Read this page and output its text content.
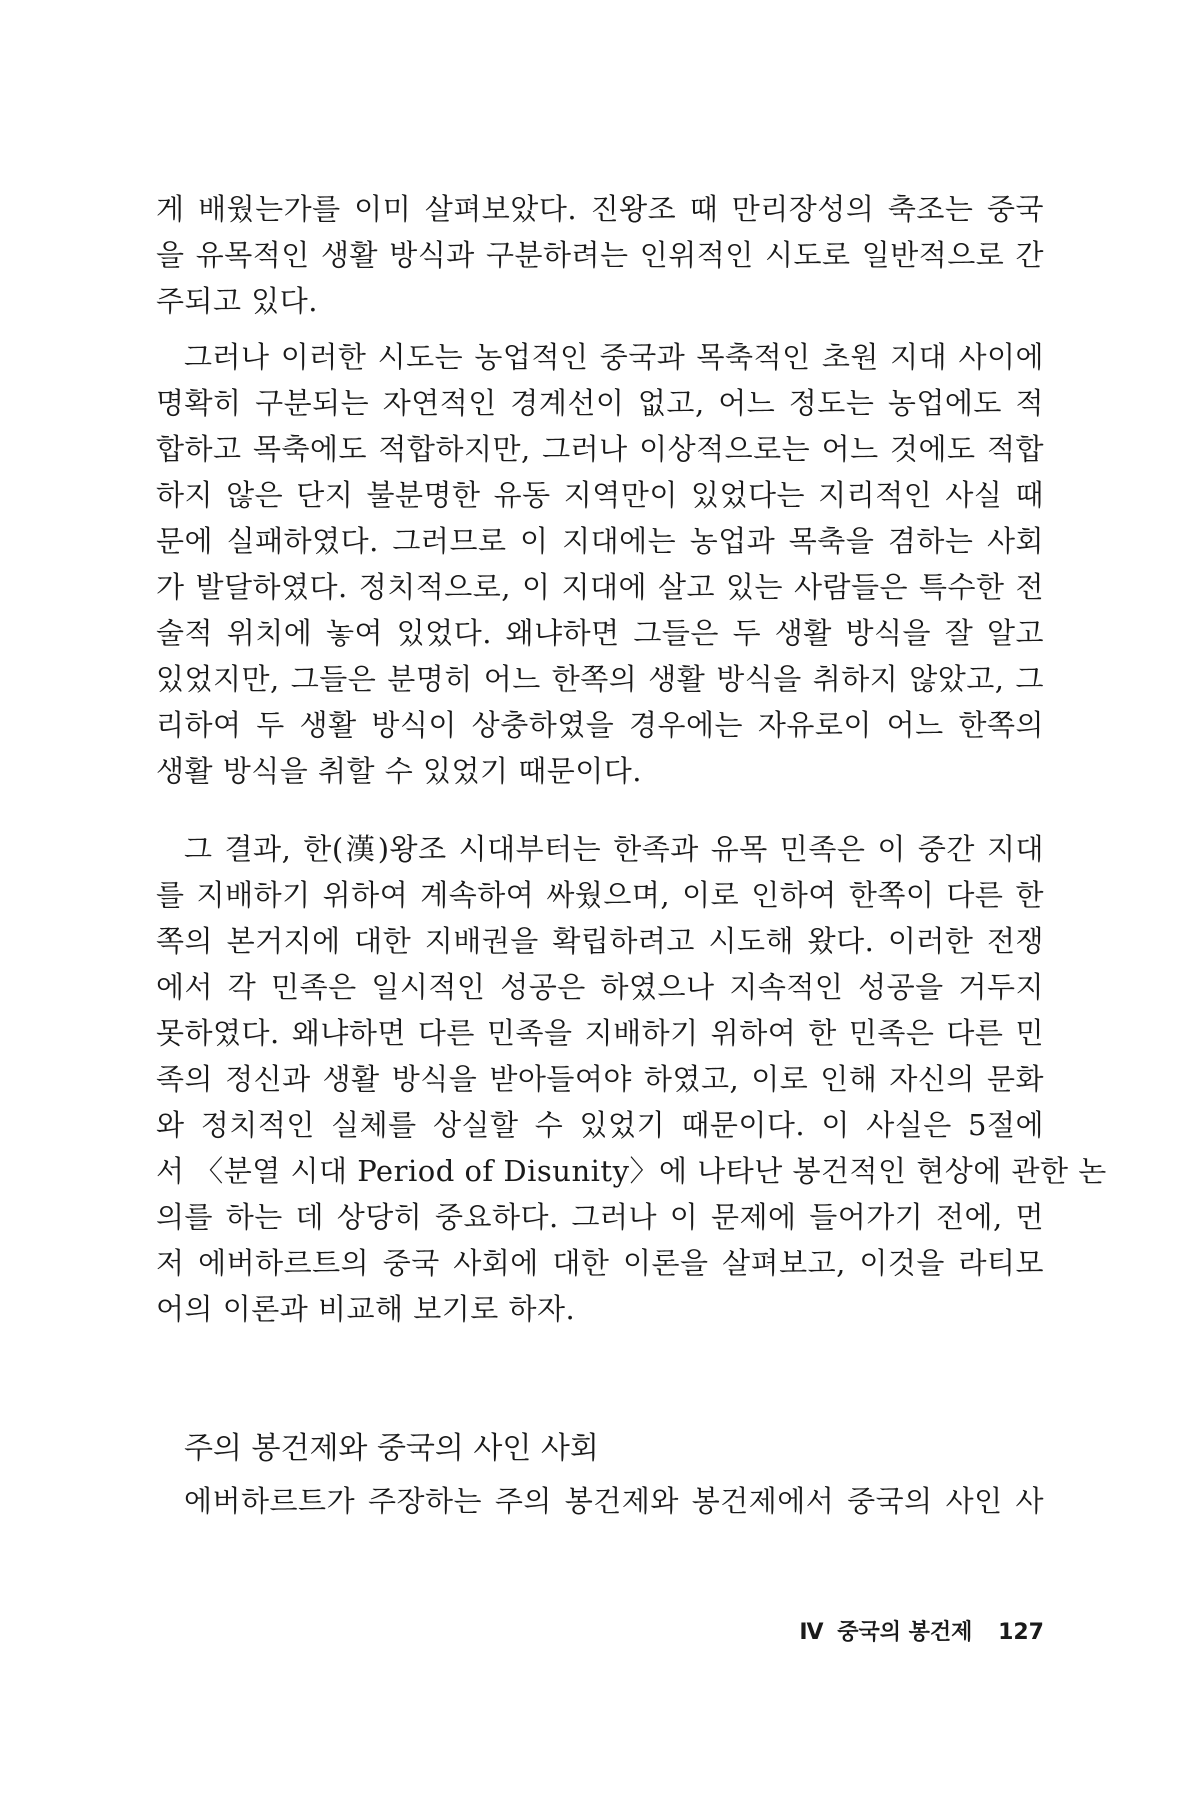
게 배웠는가를 이미 살펴보았다. 진왕조 때 만리장성의 축조는 중국
을 유목적인 생활 방식과 구분하려는 인위적인 시도로 일반적으로 간
주되고 있다.
그러나 이러한 시도는 농업적인 중국과 목축적인 초원 지대 사이에
명확히 구분되는 자연적인 경계선이 없고, 어느 정도는 농업에도 적
합하고 목축에도 적합하지만, 그러나 이상적으로는 어느 것에도 적합
하지 않은 단지 불분명한 유동 지역만이 있었다는 지리적인 사실 때
문에 실패하였다. 그러므로 이 지대에는 농업과 목축을 겸하는 사회
가 발달하였다. 정치적으로, 이 지대에 살고 있는 사람들은 특수한 전
술적 위치에 놓여 있었다. 왜냐하면 그들은 두 생활 방식을 잘 알고
있었지만, 그들은 분명히 어느 한쪽의 생활 방식을 취하지 않았고, 그
리하여 두 생활 방식이 상충하였을 경우에는 자유로이 어느 한쪽의
생활 방식을 취할 수 있었기 때문이다.
그 결과, 한(漢)왕조 시대부터는 한족과 유목 민족은 이 중간 지대
를 지배하기 위하여 계속하여 싸웠으며, 이로 인하여 한쪽이 다른 한
쪽의 본거지에 대한 지배권을 확립하려고 시도해 왔다. 이러한 전쟁
에서 각 민족은 일시적인 성공은 하였으나 지속적인 성공을 거두지
못하였다. 왜냐하면 다른 민족을 지배하기 위하여 한 민족은 다른 민
족의 정신과 생활 방식을 받아들여야 하였고, 이로 인해 자신의 문화
와 정치적인 실체를 상실할 수 있었기 때문이다. 이 사실은 5절에
서 〈분열 시대 Period of Disunity〉에 나타난 봉건적인 현상에 관한 논
의를 하는 데 상당히 중요하다. 그러나 이 문제에 들어가기 전에, 먼
저 에버하르트의 중국 사회에 대한 이론을 살펴보고, 이것을 라티모
어의 이론과 비교해 보기로 하자.
주의 봉건제와 중국의 사인 사회
에버하르트가 주장하는 주의 봉건제와 봉건제에서 중국의 사인 사
Ⅳ 중국의 봉건제 127
